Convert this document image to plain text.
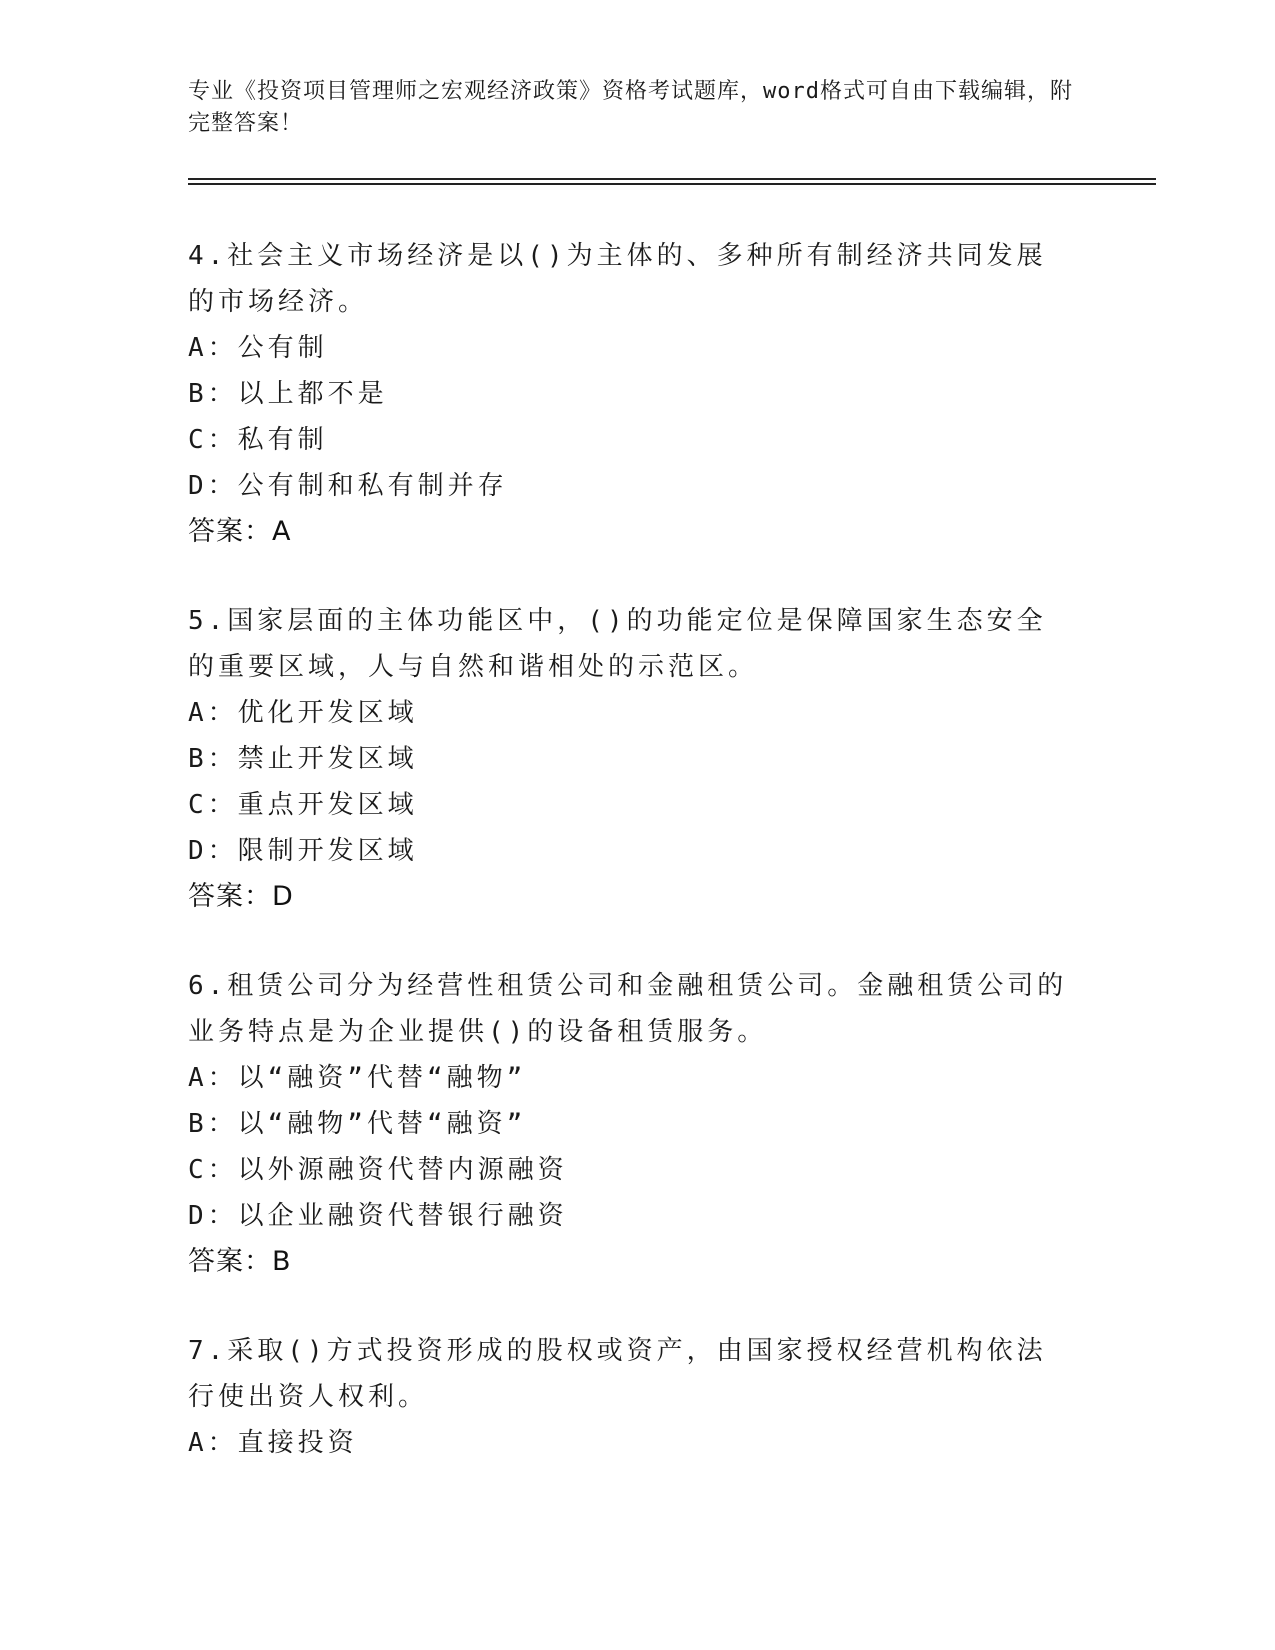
专业《投资项目管理师之宏观经济政策》资格考试题库，word格式可自由下载编辑，附完整答案！

4.社会主义市场经济是以()为主体的、多种所有制经济共同发展的市场经济。

A：公有制

B：以上都不是

C：私有制

D：公有制和私有制并存

答案：A

5.国家层面的主体功能区中，()的功能定位是保障国家生态安全的重要区域，人与自然和谐相处的示范区。

A：优化开发区域

B：禁止开发区域

C：重点开发区域

D：限制开发区域

答案：D

6.租赁公司分为经营性租赁公司和金融租赁公司。金融租赁公司的业务特点是为企业提供()的设备租赁服务。

A：以“融资”代替“融物”

B：以“融物”代替“融资”

C：以外源融资代替内源融资

D：以企业融资代替银行融资

答案：B

7.采取()方式投资形成的股权或资产，由国家授权经营机构依法行使出资人权利。

A：直接投资
